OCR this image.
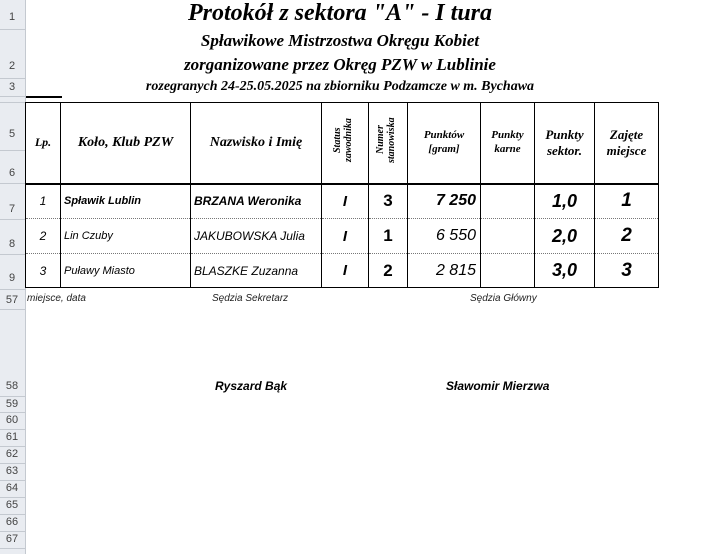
1
2
3
5
6
7
8
9
57
58
59
60
61
62
63
64
65
66
67
Protokół z sektora "A" - I tura
Spławikowe Mistrzostwa Okręgu Kobiet
zorganizowane przez Okręg PZW w Lublinie
rozegranych 24-25.05.2025 na zbiorniku Podzamcze w m. Bychawa
Lp.	Koło, Klub PZW	Nazwisko i Imię	Status zawodnika	Numer stanowiska	Punktów [gram]	Punkty karne	Punkty sektor.	Zajęte miejsce
1	Spławik Lublin	BRZANA Weronika	I	3	7 250		1,0	1
2	Lin Czuby	JAKUBOWSKA Julia	I	1	6 550		2,0	2
3	Puławy Miasto	BLASZKE Zuzanna	I	2	2 815		3,0	3
miejsce, data	Sędzia Sekretarz	Sędzia Główny
Ryszard Bąk	Sławomir Mierzwa
